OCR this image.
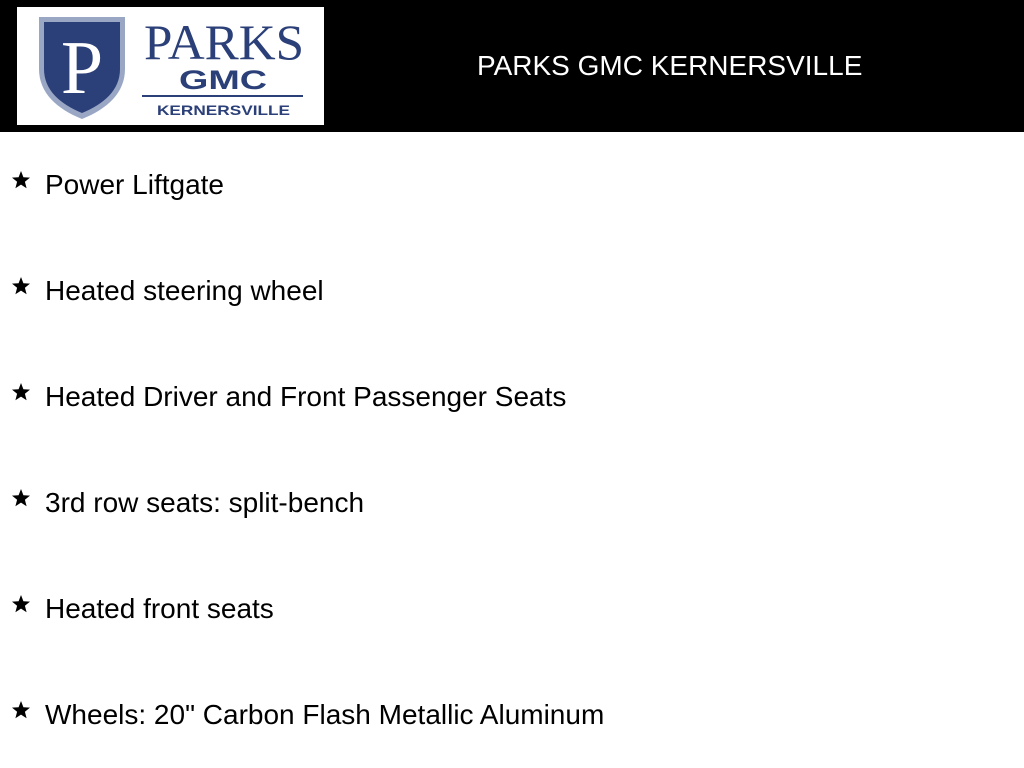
P PARKS
GMC
KERNERSVILLE
PARKS GMC KERNERSVILLE
Power Liftgate
Heated steering wheel
Heated Driver and Front Passenger Seats
3rd row seats: split-bench
Heated front seats
Wheels: 20" Carbon Flash Metallic Aluminum
